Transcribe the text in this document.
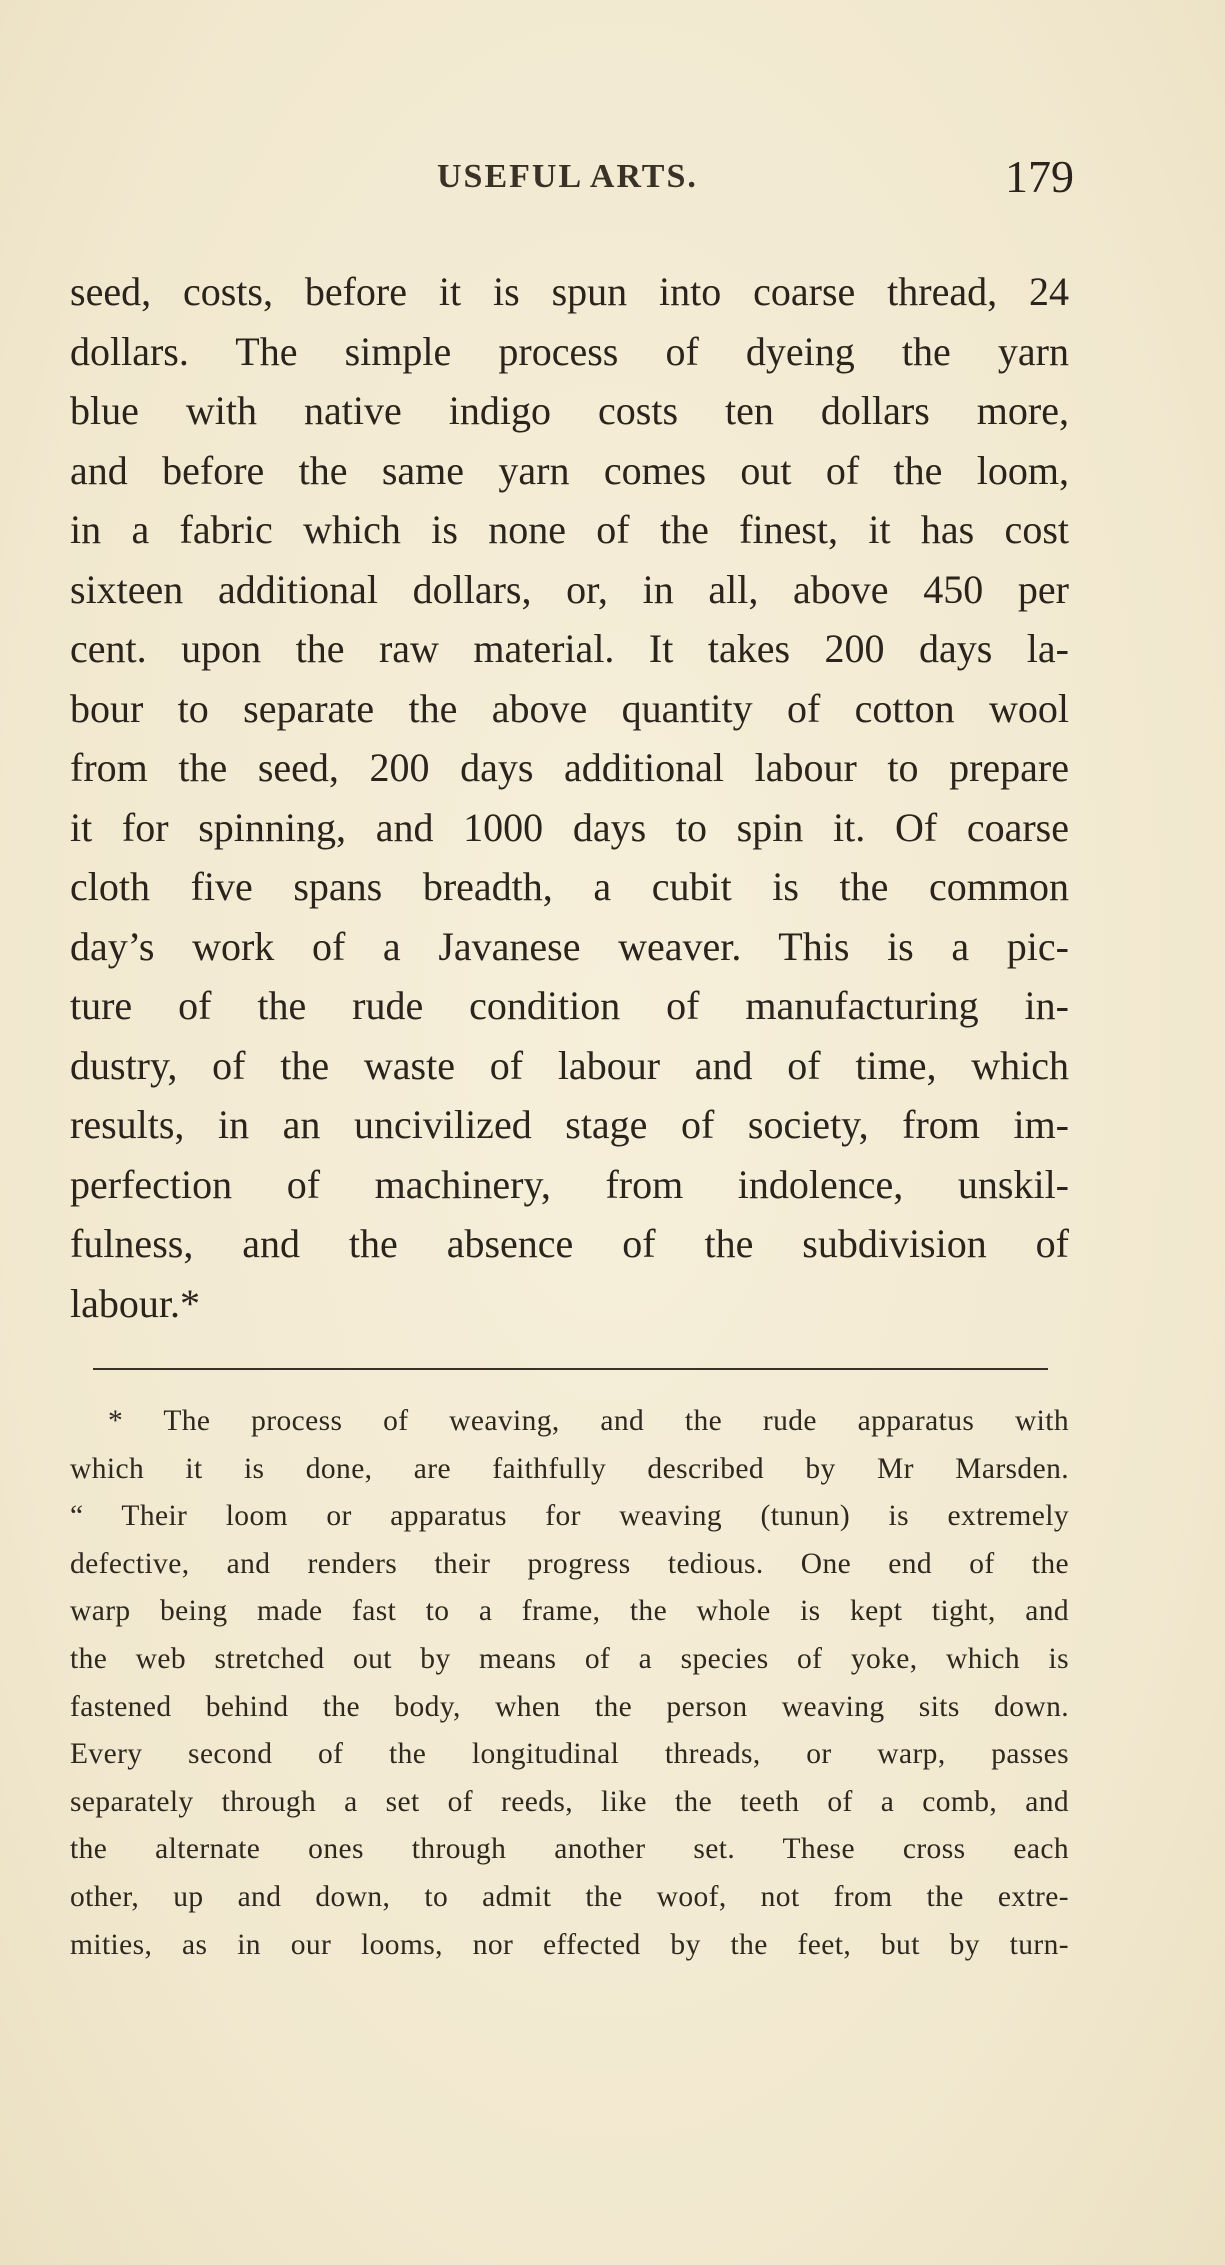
USEFUL ARTS.	179
seed, costs, before it is spun into coarse thread, 24
dollars. The simple process of dyeing the yarn
blue with native indigo costs ten dollars more,
and before the same yarn comes out of the loom,
in a fabric which is none of the finest, it has cost
sixteen additional dollars, or, in all, above 450 per
cent. upon the raw material. It takes 200 days la-
bour to separate the above quantity of cotton wool
from the seed, 200 days additional labour to prepare
it for spinning, and 1000 days to spin it. Of coarse
cloth five spans breadth, a cubit is the common
day’s work of a Javanese weaver. This is a pic-
ture of the rude condition of manufacturing in-
dustry, of the waste of labour and of time, which
results, in an uncivilized stage of society, from im-
perfection of machinery, from indolence, unskil-
fulness, and the absence of the subdivision of
labour.*
* The process of weaving, and the rude apparatus with
which it is done, are faithfully described by Mr Marsden.
“ Their loom or apparatus for weaving (tunun) is extremely
defective, and renders their progress tedious. One end of the
warp being made fast to a frame, the whole is kept tight, and
the web stretched out by means of a species of yoke, which is
fastened behind the body, when the person weaving sits down.
Every second of the longitudinal threads, or warp, passes
separately through a set of reeds, like the teeth of a comb, and
the alternate ones through another set. These cross each
other, up and down, to admit the woof, not from the extre-
mities, as in our looms, nor effected by the feet, but by turn-
